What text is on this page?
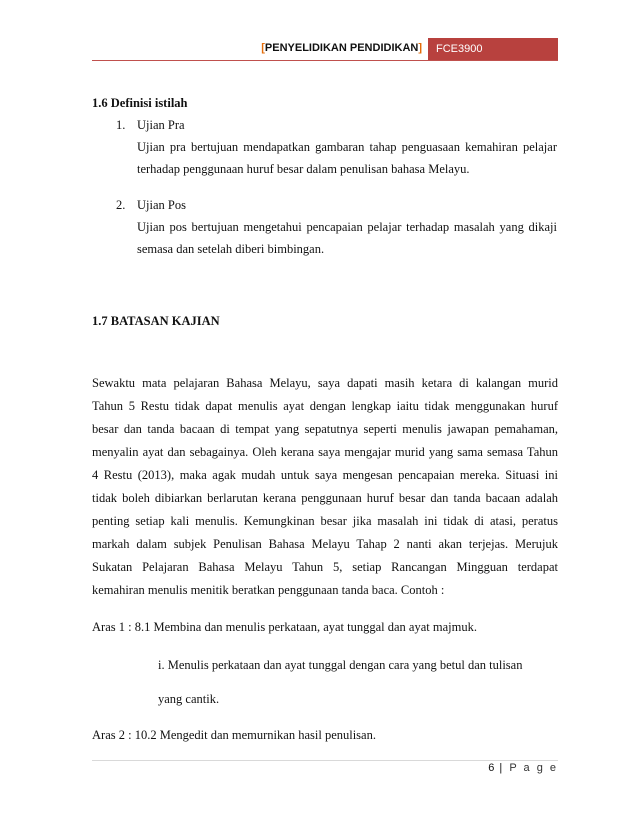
[PENYELIDIKAN PENDIDIKAN]	FCE3900
1.6 Definisi istilah
1. Ujian Pra
Ujian pra bertujuan mendapatkan gambaran tahap penguasaan kemahiran pelajar
terhadap penggunaan huruf besar dalam penulisan bahasa Melayu.
2. Ujian Pos
Ujian pos bertujuan mengetahui pencapaian pelajar terhadap masalah yang dikaji
semasa dan setelah diberi bimbingan.
1.7 BATASAN KAJIAN
Sewaktu mata pelajaran Bahasa Melayu, saya dapati masih ketara di kalangan murid
Tahun 5 Restu tidak dapat menulis ayat dengan lengkap iaitu tidak menggunakan huruf
besar dan tanda bacaan di tempat yang sepatutnya seperti menulis jawapan pemahaman,
menyalin ayat dan sebagainya. Oleh kerana saya mengajar murid yang sama semasa Tahun
4 Restu (2013), maka agak mudah untuk saya mengesan pencapaian mereka. Situasi ini
tidak boleh dibiarkan berlarutan kerana penggunaan huruf besar dan tanda bacaan adalah
penting setiap kali menulis. Kemungkinan besar jika masalah ini tidak di atasi, peratus
markah dalam subjek Penulisan Bahasa Melayu Tahap 2 nanti akan terjejas. Merujuk
Sukatan Pelajaran Bahasa Melayu Tahun 5, setiap Rancangan Mingguan terdapat
kemahiran menulis menitik beratkan penggunaan tanda baca. Contoh :
Aras 1 : 8.1 Membina dan menulis perkataan, ayat tunggal dan ayat majmuk.
i. Menulis perkataan dan ayat tunggal dengan cara yang betul dan tulisan
yang cantik.
Aras 2 : 10.2 Mengedit dan memurnikan hasil penulisan.
6 | P a g e
